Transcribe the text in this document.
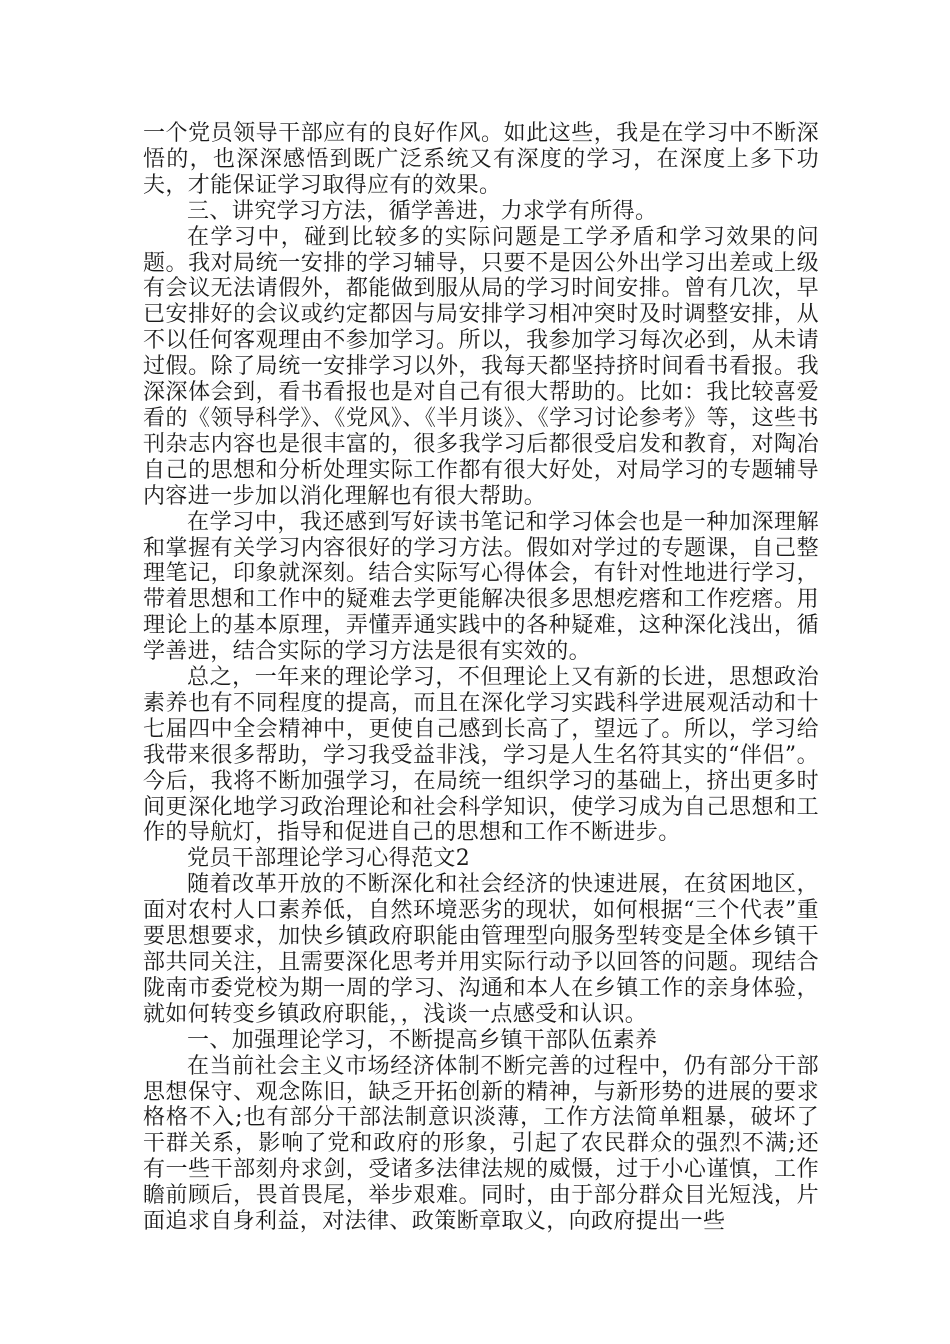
一个党员领导干部应有的良好作风。如此这些，我是在学习中不断深悟的，也深深感悟到既广泛系统又有深度的学习，在深度上多下功夫，才能保证学习取得应有的效果。

三、讲究学习方法，循学善进，力求学有所得。

在学习中，碰到比较多的实际问题是工学矛盾和学习效果的问题。我对局统一安排的学习辅导，只要不是因公外出学习出差或上级有会议无法请假外，都能做到服从局的学习时间安排。曾有几次，早已安排好的会议或约定都因与局安排学习相冲突时及时调整安排，从不以任何客观理由不参加学习。所以，我参加学习每次必到，从未请过假。除了局统一安排学习以外，我每天都坚持挤时间看书看报。我深深体会到，看书看报也是对自己有很大帮助的。比如：我比较喜爱看的《领导科学》、《党风》、《半月谈》、《学习讨论参考》等，这些书刊杂志内容也是很丰富的，很多我学习后都很受启发和教育，对陶冶自己的思想和分析处理实际工作都有很大好处，对局学习的专题辅导内容进一步加以消化理解也有很大帮助。

在学习中，我还感到写好读书笔记和学习体会也是一种加深理解和掌握有关学习内容很好的学习方法。假如对学过的专题课，自己整理笔记，印象就深刻。结合实际写心得体会，有针对性地进行学习，带着思想和工作中的疑难去学更能解决很多思想疙瘩和工作疙瘩。用理论上的基本原理，弄懂弄通实践中的各种疑难，这种深化浅出，循学善进，结合实际的学习方法是很有实效的。

总之，一年来的理论学习，不但理论上又有新的长进，思想政治素养也有不同程度的提高，而且在深化学习实践科学进展观活动和十七届四中全会精神中，更使自己感到长高了，望远了。所以，学习给我带来很多帮助，学习我受益非浅，学习是人生名符其实的“伴侣”。今后，我将不断加强学习，在局统一组织学习的基础上，挤出更多时间更深化地学习政治理论和社会科学知识，使学习成为自己思想和工作的导航灯，指导和促进自己的思想和工作不断进步。

党员干部理论学习心得范文2

随着改革开放的不断深化和社会经济的快速进展，在贫困地区，面对农村人口素养低，自然环境恶劣的现状，如何根据“三个代表”重要思想要求，加快乡镇政府职能由管理型向服务型转变是全体乡镇干部共同关注，且需要深化思考并用实际行动予以回答的问题。现结合陇南市委党校为期一周的学习、沟通和本人在乡镇工作的亲身体验，就如何转变乡镇政府职能，，浅谈一点感受和认识。

一、加强理论学习，不断提高乡镇干部队伍素养

在当前社会主义市场经济体制不断完善的过程中，仍有部分干部思想保守、观念陈旧，缺乏开拓创新的精神，与新形势的进展的要求格格不入;也有部分干部法制意识淡薄，工作方法简单粗暴，破坏了干群关系，影响了党和政府的形象，引起了农民群众的强烈不满;还有一些干部刻舟求剑，受诸多法律法规的威慑，过于小心谨慎，工作瞻前顾后，畏首畏尾，举步艰难。同时，由于部分群众目光短浅，片面追求自身利益，对法律、政策断章取义，向政府提出一些
